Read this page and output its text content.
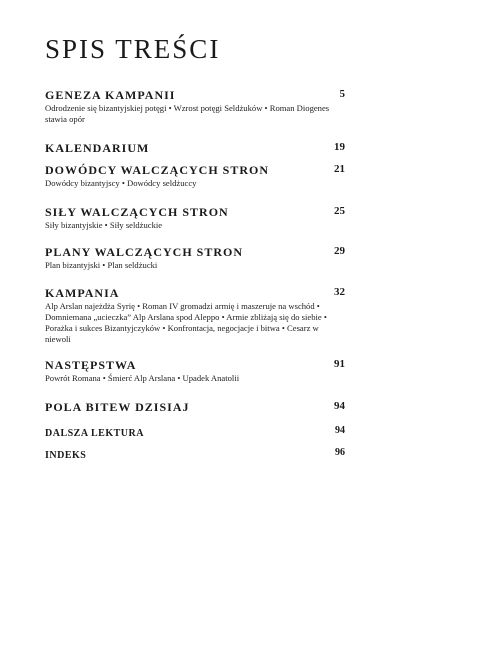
SPIS TREŚCI
GENEZA KAMPANII	5
Odrodzenie się bizantyjskiej potęgi • Wzrost potęgi Seldżuków • Roman Diogenes stawia opór
KALENDARIUM	19
DOWÓDCY WALCZĄCYCH STRON	21
Dowódcy bizantyjscy • Dowódcy seldżuccy
SIŁY WALCZĄCYCH STRON	25
Siły bizantyjskie • Siły seldżuckie
PLANY WALCZĄCYCH STRON	29
Plan bizantyjski • Plan seldżucki
KAMPANIA	32
Alp Arslan najeżdża Syrię • Roman IV gromadzi armię i maszeruje na wschód • Domniemana „ucieczka” Alp Arslana spod Aleppo • Armie zbliżają się do siebie • Porażka i sukces Bizantyjczyków • Konfrontacja, negocjacje i bitwa • Cesarz w niewoli
NASTĘPSTWA	91
Powrót Romana • Śmierć Alp Arslana • Upadek Anatolii
POLA BITEW DZISIAJ	94
DALSZA LEKTURA	94
INDEKS	96
